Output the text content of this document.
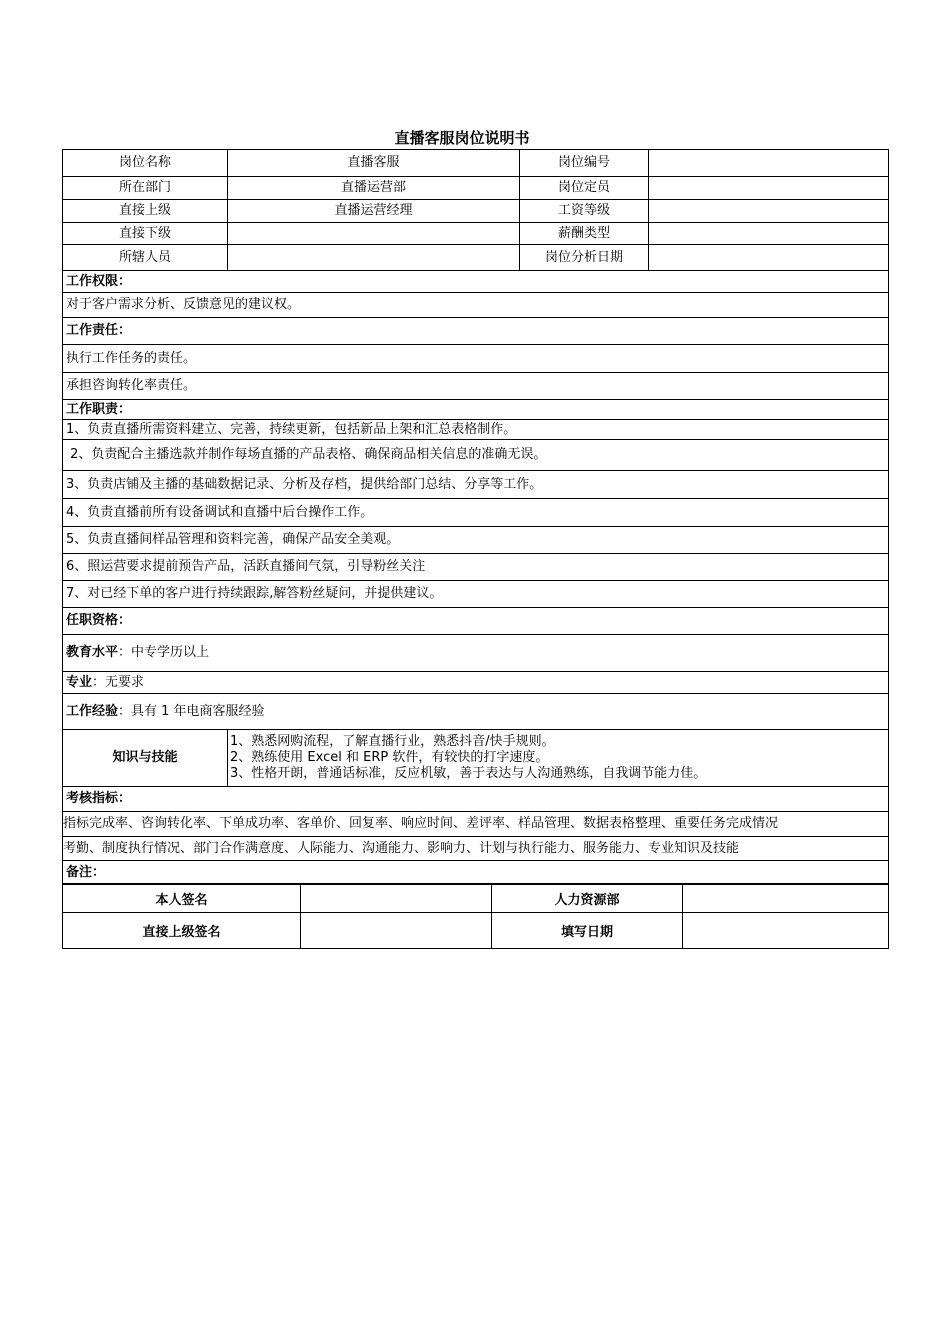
直播客服岗位说明书
岗位名称	直播客服	岗位编号	
所在部门	直播运营部	岗位定员	
直接上级	直播运营经理	工资等级	
直接下级		薪酬类型	
所辖人员		岗位分析日期	
工作权限：			
对于客户需求分析、反馈意见的建议权。			
工作责任：			
执行工作任务的责任。			
承担咨询转化率责任。			
工作职责：			
1、负责直播所需资料建立、完善，持续更新，包括新品上架和汇总表格制作。			
2、负责配合主播选款并制作每场直播的产品表格、确保商品相关信息的准确无误。			
3、负责店铺及主播的基础数据记录、分析及存档，提供给部门总结、分享等工作。			
4、负责直播前所有设备调试和直播中后台操作工作。			
5、负责直播间样品管理和资料完善，确保产品安全美观。			
6、照运营要求提前预告产品，活跃直播间气氛，引导粉丝关注			
7、对已经下单的客户进行持续跟踪,解答粉丝疑问，并提供建议。			
任职资格：			
教育水平：中专学历以上			
专业：无要求			
工作经验：具有 1 年电商客服经验			
知识与技能	1、熟悉网购流程，了解直播行业，熟悉抖音/快手规则。
2、熟练使用 Excel 和 ERP 软件，有较快的打字速度。
3、性格开朗，普通话标准，反应机敏，善于表达与人沟通熟练，自我调节能力佳。		

考核指标：			
指标完成率、咨询转化率、下单成功率、客单价、回复率、响应时间、差评率、样品管理、数据表格整理、重要任务完成情况			
考勤、制度执行情况、部门合作满意度、人际能力、沟通能力、影响力、计划与执行能力、服务能力、专业知识及技能			
备注：			
本人签名		人力资源部	
直接上级签名		填写日期	
